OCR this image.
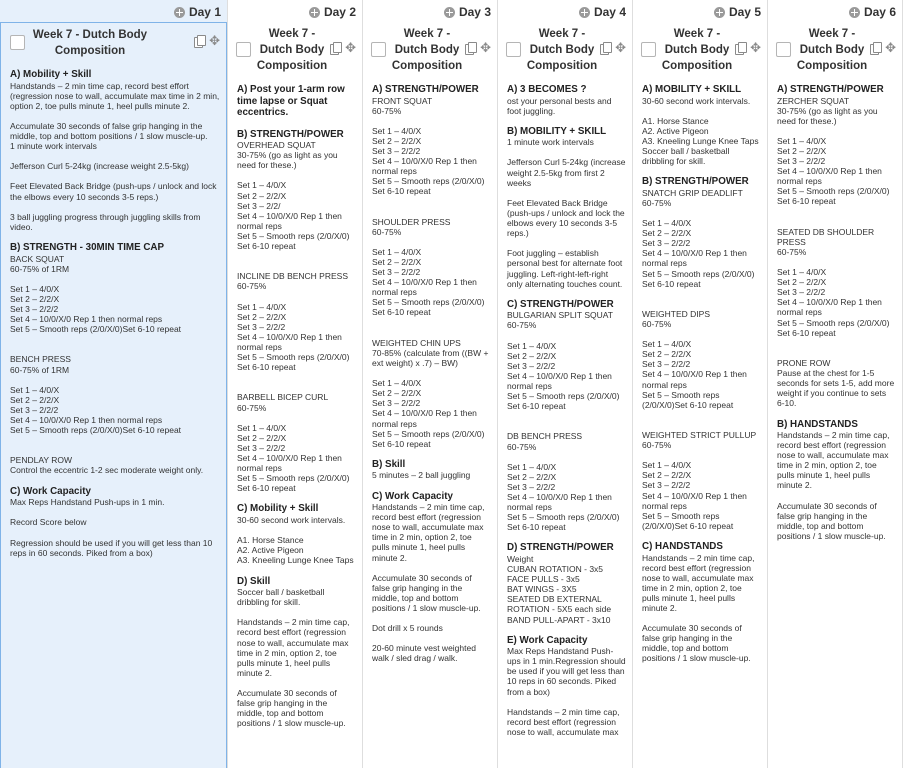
Day 1
Week 7 - Dutch Body Composition
✥
A) Mobility + Skill
Handstands – 2 min time cap, record best effort (regression nose to wall, accumulate max time in 2 min, option 2, toe pulls minute 1, heel pulls minute 2.
Accumulate 30 seconds of false grip hanging in the middle, top and bottom positions / 1 slow muscle-up.
1 minute work intervals
Jefferson Curl 5-24kg (increase weight 2.5-5kg)
Feet Elevated Back Bridge (push-ups / unlock and lock the elbows every 10 seconds 3-5 reps.)
3 ball juggling progress through juggling skills from video.
B) STRENGTH - 30MIN TIME CAP
BACK SQUAT
60-75% of 1RM
Set 1 – 4/0/X
Set 2 – 2/2/X
Set 3 – 2/2/2
Set 4 – 10/0/X/0 Rep 1 then normal reps
Set 5 – Smooth reps (2/0/X/0)Set 6-10 repeat
BENCH PRESS
60-75% of 1RM
Set 1 – 4/0/X
Set 2 – 2/2/X
Set 3 – 2/2/2
Set 4 – 10/0/X/0 Rep 1 then normal reps
Set 5 – Smooth reps (2/0/X/0)Set 6-10 repeat
PENDLAY ROW
Control the eccentric 1-2 sec moderate weight only.
C) Work Capacity
Max Reps Handstand Push-ups in 1 min.
Record Score below
Regression should be used if you will get less than 10 reps in 60 seconds. Piked from a box)
Day 2
Week 7 - Dutch Body Composition
✥
A) Post your 1-arm row time lapse or Squat eccentrics.
B) STRENGTH/POWER
OVERHEAD SQUAT
30-75% (go as light as you need for these.)
Set 1 – 4/0/X
Set 2 – 2/2/X
Set 3 – 2/2/
Set 4 – 10/0/X/0 Rep 1 then normal reps
Set 5 – Smooth reps (2/0/X/0) Set 6-10 repeat
INCLINE DB BENCH PRESS
60-75%
Set 1 – 4/0/X
Set 2 – 2/2/X
Set 3 – 2/2/2
Set 4 – 10/0/X/0 Rep 1 then normal reps
Set 5 – Smooth reps (2/0/X/0) Set 6-10 repeat
BARBELL BICEP CURL
60-75%
Set 1 – 4/0/X
Set 2 – 2/2/X
Set 3 – 2/2/2
Set 4 – 10/0/X/0 Rep 1 then normal reps
Set 5 – Smooth reps (2/0/X/0) Set 6-10 repeat
C) Mobility + Skill
30-60 second work intervals.
A1. Horse Stance
A2. Active Pigeon
A3. Kneeling Lunge Knee Taps
D) Skill
Soccer ball / basketball dribbling for skill.
Handstands – 2 min time cap, record best effort (regression nose to wall, accumulate max time in 2 min, option 2, toe pulls minute 1, heel pulls minute 2.
Accumulate 30 seconds of false grip hanging in the middle, top and bottom positions / 1 slow muscle-up.
Day 3
Week 7 - Dutch Body Composition
✥
A) STRENGTH/POWER
FRONT SQUAT
60-75%
Set 1 – 4/0/X
Set 2 – 2/2/X
Set 3 – 2/2/2
Set 4 – 10/0/X/0 Rep 1 then normal reps
Set 5 – Smooth reps (2/0/X/0) Set 6-10 repeat
SHOULDER PRESS
60-75%
Set 1 – 4/0/X
Set 2 – 2/2/X
Set 3 – 2/2/2
Set 4 – 10/0/X/0 Rep 1 then normal reps
Set 5 – Smooth reps (2/0/X/0) Set 6-10 repeat
WEIGHTED CHIN UPS
70-85% (calculate from ((BW + ext weight) x .7) – BW)
Set 1 – 4/0/X
Set 2 – 2/2/X
Set 3 – 2/2/2
Set 4 – 10/0/X/0 Rep 1 then normal reps
Set 5 – Smooth reps (2/0/X/0) Set 6-10 repeat
B) Skill
5 minutes – 2 ball juggling
C) Work Capacity
Handstands – 2 min time cap, record best effort (regression nose to wall, accumulate max time in 2 min, option 2, toe pulls minute 1, heel pulls minute 2.
Accumulate 30 seconds of false grip hanging in the middle, top and bottom positions / 1 slow muscle-up.
Dot drill x 5 rounds
20-60 minute vest weighted walk / sled drag / walk.
Day 4
Week 7 - Dutch Body Composition
✥
A) 3 BECOMES ?
ost your personal bests and foot juggling.
B) MOBILITY + SKILL
1 minute work intervals
Jefferson Curl 5-24kg (increase weight 2.5-5kg from first 2 weeks
Feet Elevated Back Bridge (push-ups / unlock and lock the elbows every 10 seconds 3-5 reps.)
Foot juggling – establish personal best for alternate foot juggling. Left-right-left-right only alternating touches count.
C) STRENGTH/POWER
BULGARIAN SPLIT SQUAT
60-75%
Set 1 – 4/0/X
Set 2 – 2/2/X
Set 3 – 2/2/2
Set 4 – 10/0/X/0 Rep 1 then normal reps
Set 5 – Smooth reps (2/0/X/0) Set 6-10 repeat
DB BENCH PRESS
60-75%
Set 1 – 4/0/X
Set 2 – 2/2/X
Set 3 – 2/2/2
Set 4 – 10/0/X/0 Rep 1 then normal reps
Set 5 – Smooth reps (2/0/X/0) Set 6-10 repeat
D) STRENGTH/POWER
Weight
CUBAN ROTATION - 3x5
FACE PULLS - 3x5
BAT WINGS - 3X5
SEATED DB EXTERNAL ROTATION - 5X5 each side
BAND PULL-APART - 3x10
E) Work Capacity
Max Reps Handstand Push-ups in 1 min.Regression should be used if you will get less than 10 reps in 60 seconds. Piked from a box)
Handstands – 2 min time cap, record best effort (regression nose to wall, accumulate max
Day 5
Week 7 - Dutch Body Composition
✥
A) MOBILITY + SKILL
30-60 second work intervals.
A1. Horse Stance
A2. Active Pigeon
A3. Kneeling Lunge Knee Taps
Soccer ball / basketball dribbling for skill.
B) STRENGTH/POWER
SNATCH GRIP DEADLIFT
60-75%
Set 1 – 4/0/X
Set 2 – 2/2/X
Set 3 – 2/2/2
Set 4 – 10/0/X/0 Rep 1 then normal reps
Set 5 – Smooth reps (2/0/X/0) Set 6-10 repeat
WEIGHTED DIPS
60-75%
Set 1 – 4/0/X
Set 2 – 2/2/X
Set 3 – 2/2/2
Set 4 – 10/0/X/0 Rep 1 then normal reps
Set 5 – Smooth reps (2/0/X/0)Set 6-10 repeat
WEIGHTED STRICT PULLUP
60-75%
Set 1 – 4/0/X
Set 2 – 2/2/X
Set 3 – 2/2/2
Set 4 – 10/0/X/0 Rep 1 then normal reps
Set 5 – Smooth reps (2/0/X/0)Set 6-10 repeat
C) HANDSTANDS
Handstands – 2 min time cap, record best effort (regression nose to wall, accumulate max time in 2 min, option 2, toe pulls minute 1, heel pulls minute 2.
Accumulate 30 seconds of false grip hanging in the middle, top and bottom positions / 1 slow muscle-up.
Day 6
Week 7 - Dutch Body Composition
✥
A) STRENGTH/POWER
ZERCHER SQUAT
30-75% (go as light as you need for these.)
Set 1 – 4/0/X
Set 2 – 2/2/X
Set 3 – 2/2/2
Set 4 – 10/0/X/0 Rep 1 then normal reps
Set 5 – Smooth reps (2/0/X/0)
Set 6-10 repeat
SEATED DB SHOULDER PRESS
60-75%
Set 1 – 4/0/X
Set 2 – 2/2/X
Set 3 – 2/2/2
Set 4 – 10/0/X/0 Rep 1 then normal reps
Set 5 – Smooth reps (2/0/X/0)
Set 6-10 repeat
PRONE ROW
Pause at the chest for 1-5 seconds for sets 1-5, add more weight if you continue to sets 6-10.
B) HANDSTANDS
Handstands – 2 min time cap, record best effort (regression nose to wall, accumulate max time in 2 min, option 2, toe pulls minute 1, heel pulls minute 2.
Accumulate 30 seconds of false grip hanging in the middle, top and bottom positions / 1 slow muscle-up.
